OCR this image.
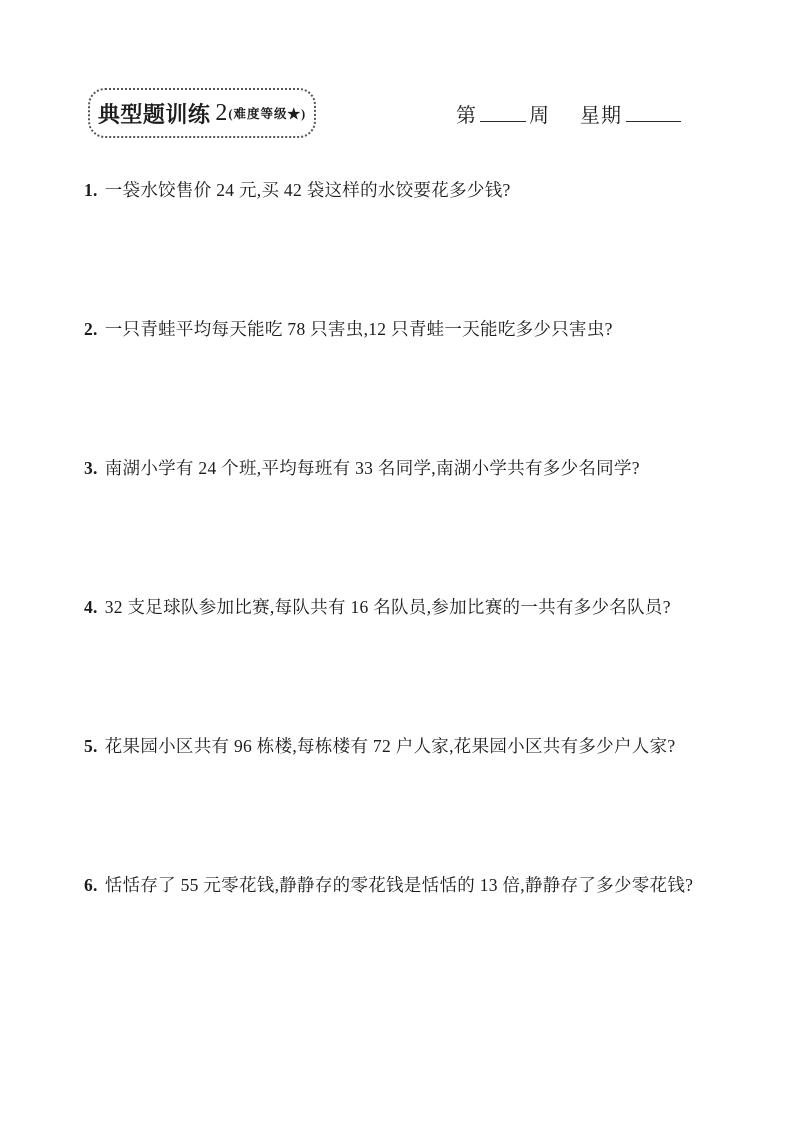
典型题训练 2 (难度等级★)	第	周 星期
1. 一袋水饺售价 24 元,买 42 袋这样的水饺要花多少钱?
2. 一只青蛙平均每天能吃 78 只害虫,12 只青蛙一天能吃多少只害虫?
3. 南湖小学有 24 个班,平均每班有 33 名同学,南湖小学共有多少名同学?
4. 32 支足球队参加比赛,每队共有 16 名队员,参加比赛的一共有多少名队员?
5. 花果园小区共有 96 栋楼,每栋楼有 72 户人家,花果园小区共有多少户人家?
6. 恬恬存了 55 元零花钱,静静存的零花钱是恬恬的 13 倍,静静存了多少零花钱?
